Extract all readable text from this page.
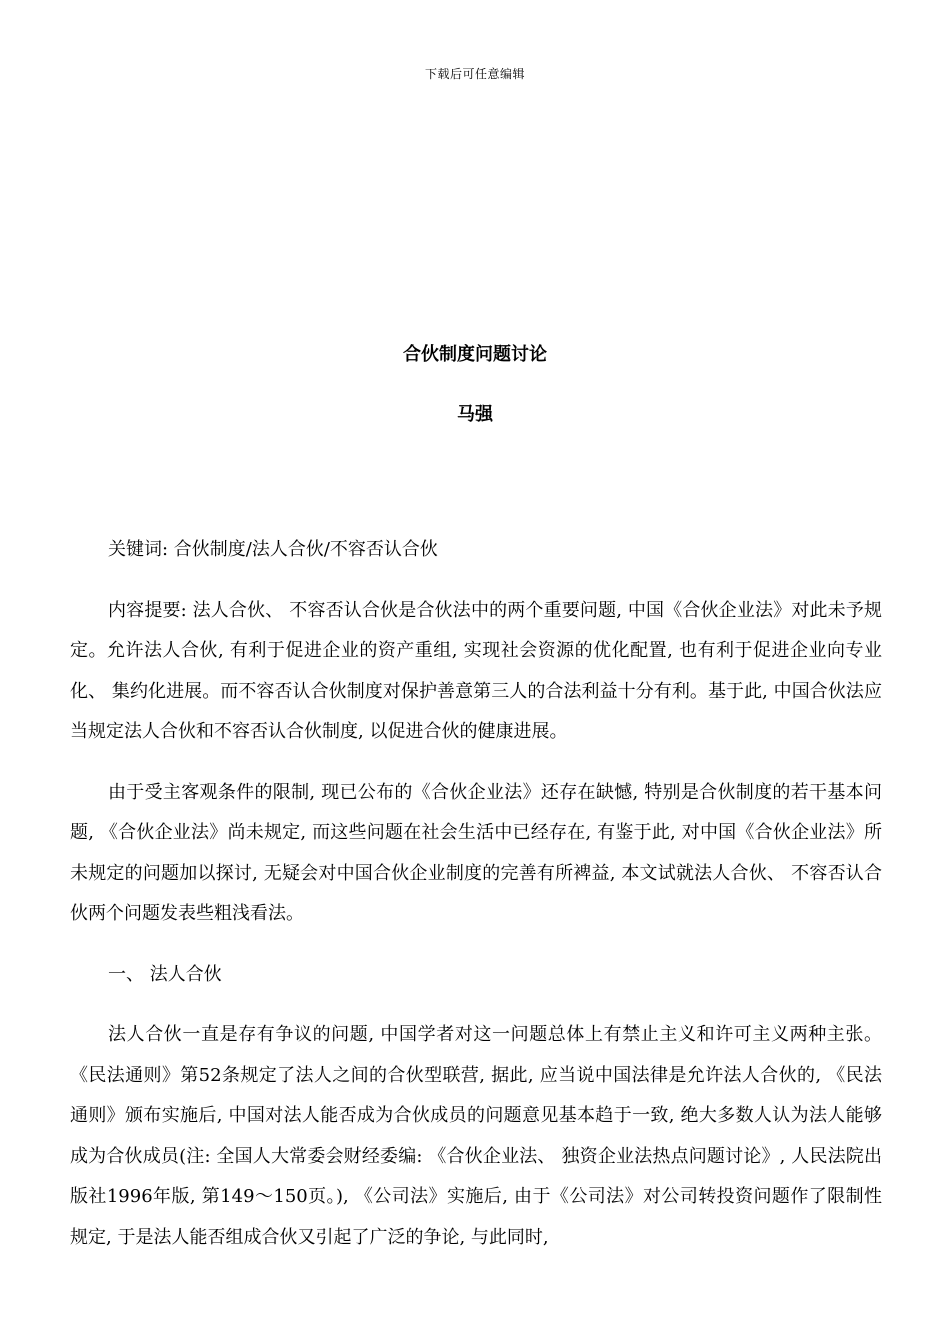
下载后可任意编辑
合伙制度问题讨论
马强

关键词: 合伙制度/法人合伙/不容否认合伙

内容提要: 法人合伙、 不容否认合伙是合伙法中的两个重要问题, 中国《合伙企业法》对此未予规定。允许法人合伙, 有利于促进企业的资产重组, 实现社会资源的优化配置, 也有利于促进企业向专业化、 集约化进展。而不容否认合伙制度对保护善意第三人的合法利益十分有利。基于此, 中国合伙法应当规定法人合伙和不容否认合伙制度, 以促进合伙的健康进展。

由于受主客观条件的限制, 现已公布的《合伙企业法》还存在缺憾, 特别是合伙制度的若干基本问题, 《合伙企业法》尚未规定, 而这些问题在社会生活中已经存在, 有鉴于此, 对中国《合伙企业法》所未规定的问题加以探讨, 无疑会对中国合伙企业制度的完善有所裨益, 本文试就法人合伙、 不容否认合伙两个问题发表些粗浅看法。

一、 法人合伙

法人合伙一直是存有争议的问题, 中国学者对这一问题总体上有禁止主义和许可主义两种主张。《民法通则》第52条规定了法人之间的合伙型联营, 据此, 应当说中国法律是允许法人合伙的, 《民法通则》颁布实施后, 中国对法人能否成为合伙成员的问题意见基本趋于一致, 绝大多数人认为法人能够成为合伙成员(注: 全国人大常委会财经委编: 《合伙企业法、 独资企业法热点问题讨论》, 人民法院出版社1996年版, 第149～150页。), 《公司法》实施后, 由于《公司法》对公司转投资问题作了限制性规定, 于是法人能否组成合伙又引起了广泛的争论, 与此同时,
